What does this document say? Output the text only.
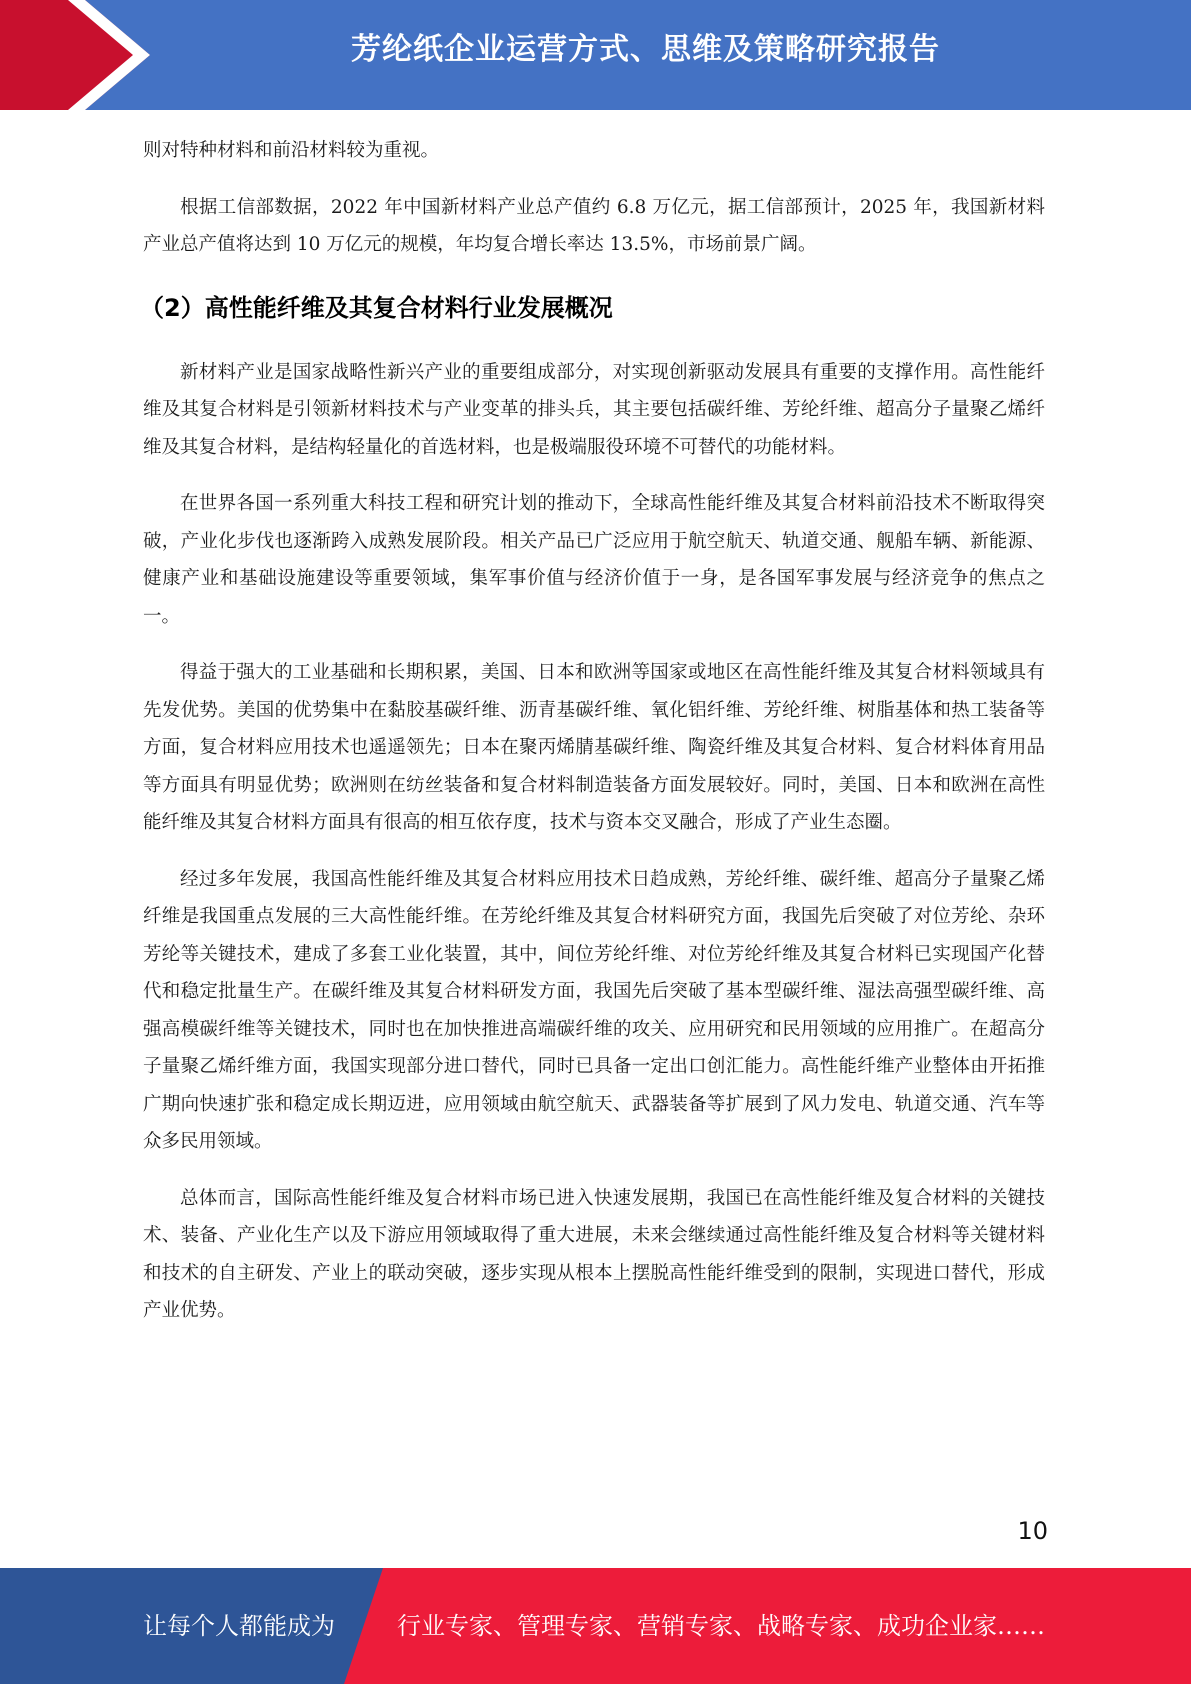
芳纶纸企业运营方式、思维及策略研究报告

则对特种材料和前沿材料较为重视。

根据工信部数据，2022 年中国新材料产业总产值约 6.8 万亿元，据工信部预计，2025 年，我国新材料产业总产值将达到 10 万亿元的规模，年均复合增长率达 13.5%，市场前景广阔。

（2）高性能纤维及其复合材料行业发展概况

新材料产业是国家战略性新兴产业的重要组成部分，对实现创新驱动发展具有重要的支撑作用。高性能纤维及其复合材料是引领新材料技术与产业变革的排头兵，其主要包括碳纤维、芳纶纤维、超高分子量聚乙烯纤维及其复合材料，是结构轻量化的首选材料，也是极端服役环境不可替代的功能材料。

在世界各国一系列重大科技工程和研究计划的推动下，全球高性能纤维及其复合材料前沿技术不断取得突破，产业化步伐也逐渐跨入成熟发展阶段。相关产品已广泛应用于航空航天、轨道交通、舰船车辆、新能源、健康产业和基础设施建设等重要领域，集军事价值与经济价值于一身，是各国军事发展与经济竞争的焦点之一。

得益于强大的工业基础和长期积累，美国、日本和欧洲等国家或地区在高性能纤维及其复合材料领域具有先发优势。美国的优势集中在黏胶基碳纤维、沥青基碳纤维、氧化铝纤维、芳纶纤维、树脂基体和热工装备等方面，复合材料应用技术也遥遥领先；日本在聚丙烯腈基碳纤维、陶瓷纤维及其复合材料、复合材料体育用品等方面具有明显优势；欧洲则在纺丝装备和复合材料制造装备方面发展较好。同时，美国、日本和欧洲在高性能纤维及其复合材料方面具有很高的相互依存度，技术与资本交叉融合，形成了产业生态圈。

经过多年发展，我国高性能纤维及其复合材料应用技术日趋成熟，芳纶纤维、碳纤维、超高分子量聚乙烯纤维是我国重点发展的三大高性能纤维。在芳纶纤维及其复合材料研究方面，我国先后突破了对位芳纶、杂环芳纶等关键技术，建成了多套工业化装置，其中，间位芳纶纤维、对位芳纶纤维及其复合材料已实现国产化替代和稳定批量生产。在碳纤维及其复合材料研发方面，我国先后突破了基本型碳纤维、湿法高强型碳纤维、高强高模碳纤维等关键技术，同时也在加快推进高端碳纤维的攻关、应用研究和民用领域的应用推广。在超高分子量聚乙烯纤维方面，我国实现部分进口替代，同时已具备一定出口创汇能力。高性能纤维产业整体由开拓推广期向快速扩张和稳定成长期迈进，应用领域由航空航天、武器装备等扩展到了风力发电、轨道交通、汽车等众多民用领域。

总体而言，国际高性能纤维及复合材料市场已进入快速发展期，我国已在高性能纤维及复合材料的关键技术、装备、产业化生产以及下游应用领域取得了重大进展，未来会继续通过高性能纤维及复合材料等关键材料和技术的自主研发、产业上的联动突破，逐步实现从根本上摆脱高性能纤维受到的限制，实现进口替代，形成产业优势。

10
让每个人都能成为	行业专家、管理专家、营销专家、战略专家、成功企业家……
